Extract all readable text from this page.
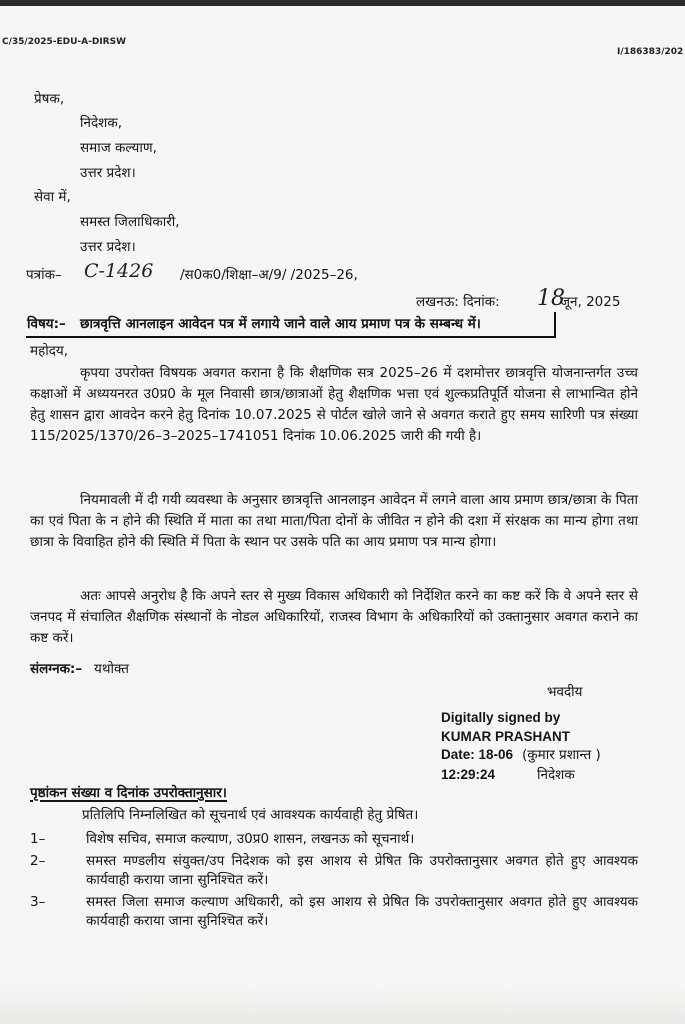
C/35/2025-EDU-A-DIRSW
I/186383/202
प्रेषक,
निदेशक,
समाज कल्याण,
उत्तर प्रदेश।
सेवा में,
समस्त जिलाधिकारी,
उत्तर प्रदेश।
पत्रांक– C-1426 /स0क0/शिक्षा–अ/9/ /2025–26,
लखनऊ: दिनांक: 18
जून, 2025
विषय:– छात्रवृत्ति आनलाइन आवेदन पत्र में लगाये जाने वाले आय प्रमाण पत्र के सम्बन्ध में।
महोदय,
कृपया उपरोक्त विषयक अवगत कराना है कि शैक्षणिक सत्र 2025–26 में दशमोत्तर छात्रवृत्ति योजनान्तर्गत उच्च कक्षाओं में अध्ययनरत उ0प्र0 के मूल निवासी छात्र/छात्राओं हेतु शैक्षणिक भत्ता एवं शुल्कप्रतिपूर्ति योजना से लाभान्वित होने हेतु शासन द्वारा आवदेन करने हेतु दिनांक 10.07.2025 से पोर्टल खोले जाने से अवगत कराते हुए समय सारिणी पत्र संख्या 115/2025/1370/26–3–2025–1741051 दिनांक 10.06.2025 जारी की गयी है।
नियमावली में दी गयी व्यवस्था के अनुसार छात्रवृत्ति आनलाइन आवेदन में लगने वाला आय प्रमाण छात्र/छात्रा के पिता का एवं पिता के न होने की स्थिति में माता का तथा माता/पिता दोनों के जीवित न होने की दशा में संरक्षक का मान्य होगा तथा छात्रा के विवाहित होने की स्थिति में पिता के स्थान पर उसके पति का आय प्रमाण पत्र मान्य होगा।
अतः आपसे अनुरोध है कि अपने स्तर से मुख्य विकास अधिकारी को निर्देशित करने का कष्ट करें कि वे अपने स्तर से जनपद में संचालित शैक्षणिक संस्थानों के नोडल अधिकारियों, राजस्व विभाग के अधिकारियों को उक्तानुसार अवगत कराने का कष्ट करें।
संलग्नक:– यथोक्त
भवदीय
Digitally signed by
KUMAR PRASHANT
Date: 18-06 (कुमार प्रशान्त )
12:29:24	निदेशक
पृष्ठांकन संख्या व दिनांक उपरोक्तानुसार।
प्रतिलिपि निम्नलिखित को सूचनार्थ एवं आवश्यक कार्यवाही हेतु प्रेषित।
1–	विशेष सचिव, समाज कल्याण, उ0प्र0 शासन, लखनऊ को सूचनार्थ।
2–	समस्त मण्डलीय संयुक्त/उप निदेशक को इस आशय से प्रेषित कि उपरोक्तानुसार अवगत होते हुए आवश्यक कार्यवाही कराया जाना सुनिश्चित करें।
3–	समस्त जिला समाज कल्याण अधिकारी, को इस आशय से प्रेषित कि उपरोक्तानुसार अवगत होते हुए आवश्यक कार्यवाही कराया जाना सुनिश्चित करें।
